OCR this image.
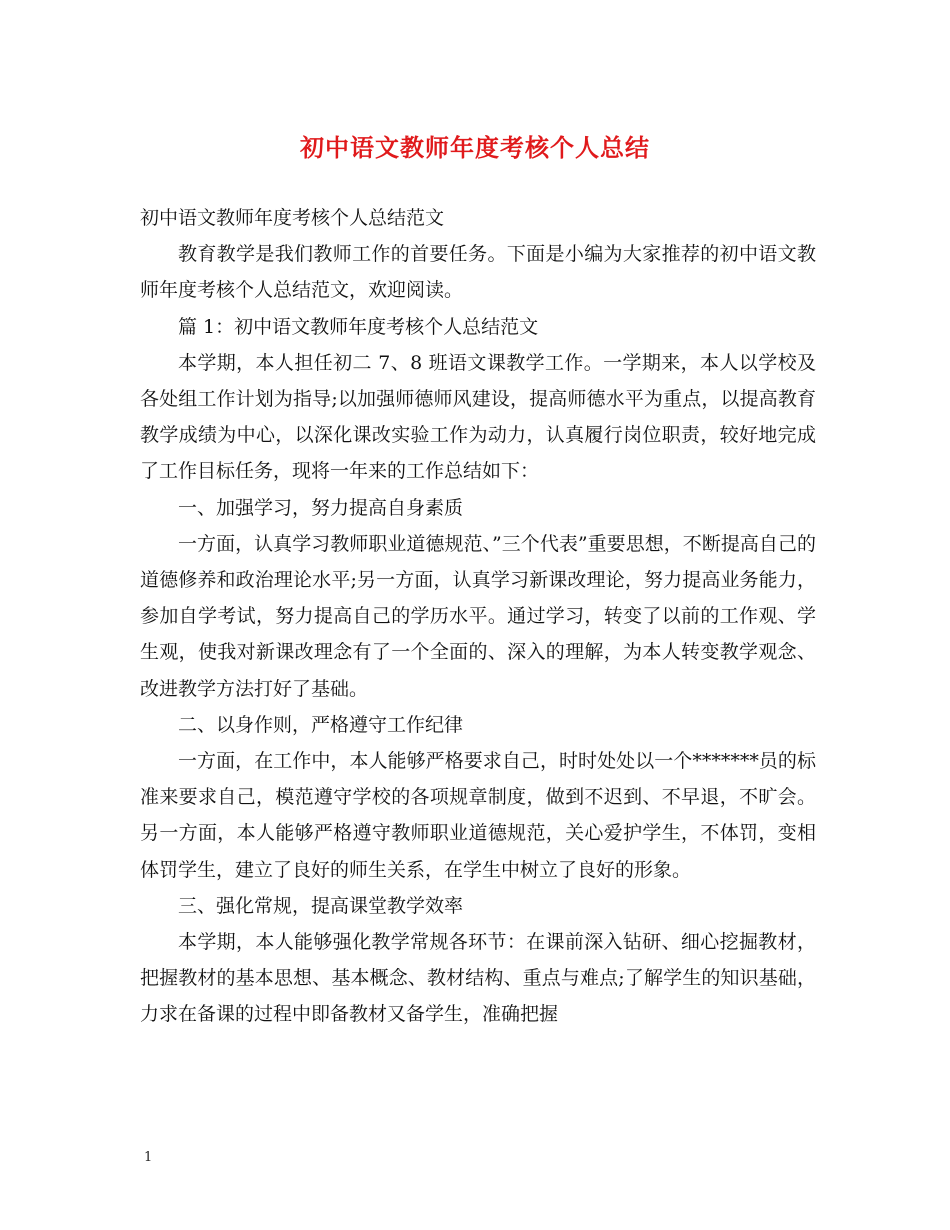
初中语文教师年度考核个人总结

初中语文教师年度考核个人总结范文

教育教学是我们教师工作的首要任务。下面是小编为大家推荐的初中语文教师年度考核个人总结范文，欢迎阅读。

篇 1：初中语文教师年度考核个人总结范文

本学期，本人担任初二 7、8 班语文课教学工作。一学期来，本人以学校及各处组工作计划为指导;以加强师德师风建设，提高师德水平为重点，以提高教育教学成绩为中心，以深化课改实验工作为动力，认真履行岗位职责，较好地完成了工作目标任务，现将一年来的工作总结如下：

一、加强学习，努力提高自身素质

一方面，认真学习教师职业道德规范、”三个代表”重要思想，不断提高自己的道德修养和政治理论水平;另一方面，认真学习新课改理论，努力提高业务能力，参加自学考试，努力提高自己的学历水平。通过学习，转变了以前的工作观、学生观，使我对新课改理念有了一个全面的、深入的理解，为本人转变教学观念、改进教学方法打好了基础。

二、以身作则，严格遵守工作纪律

一方面，在工作中，本人能够严格要求自己，时时处处以一个*******员的标准来要求自己，模范遵守学校的各项规章制度，做到不迟到、不早退，不旷会。另一方面，本人能够严格遵守教师职业道德规范，关心爱护学生，不体罚，变相体罚学生，建立了良好的师生关系，在学生中树立了良好的形象。

三、强化常规，提高课堂教学效率

本学期，本人能够强化教学常规各环节：在课前深入钻研、细心挖掘教材，把握教材的基本思想、基本概念、教材结构、重点与难点;了解学生的知识基础，力求在备课的过程中即备教材又备学生，准确把握

1
